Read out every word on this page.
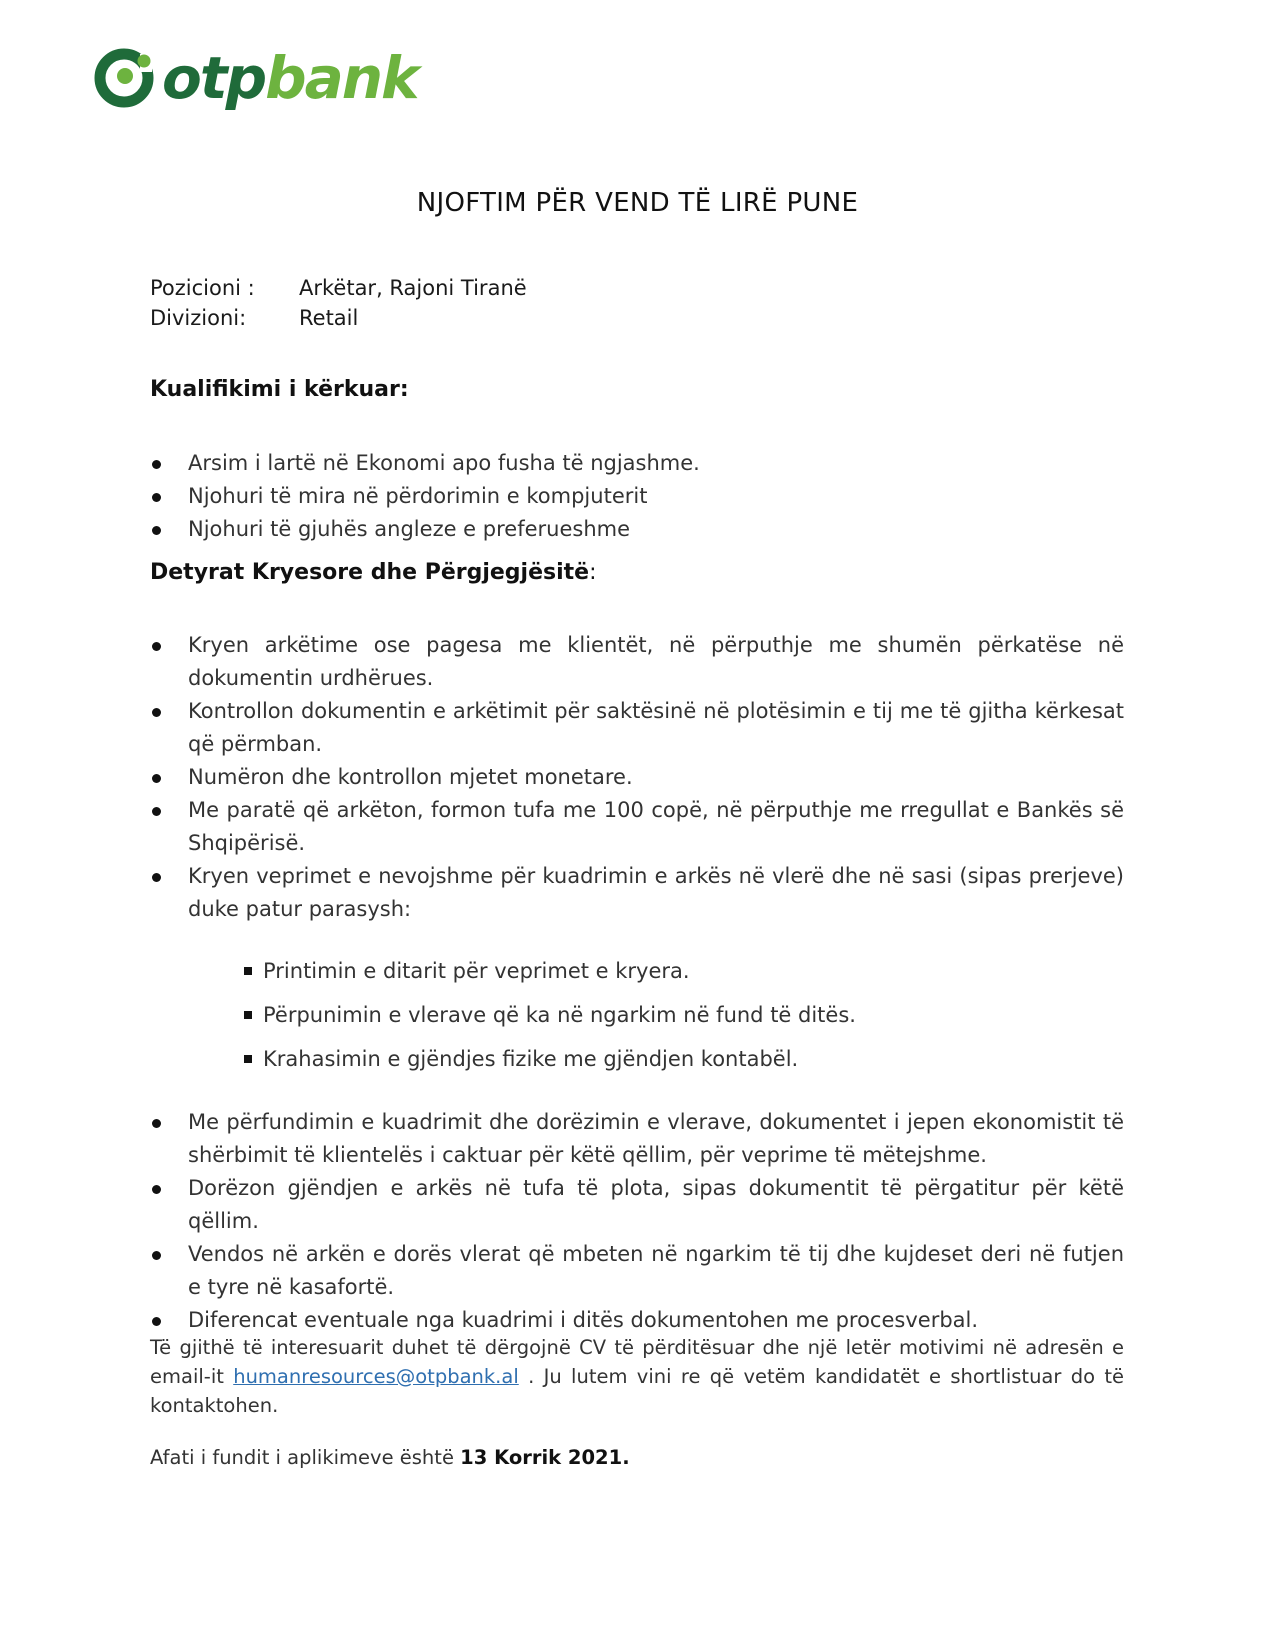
otpbank
NJOFTIM PËR VEND TË LIRË PUNE
Pozicioni :	Arkëtar, Rajoni Tiranë
Divizioni:	Retail
Kualifikimi i kërkuar:
Arsim i lartë në Ekonomi apo fusha të ngjashme.
Njohuri të mira në përdorimin e kompjuterit
Njohuri të gjuhës angleze e preferueshme
Detyrat Kryesore dhe Përgjegjësitë:
Kryen arkëtime ose pagesa me klientët, në përputhje me shumën përkatëse në dokumentin urdhërues.
Kontrollon dokumentin e arkëtimit për saktësinë në plotësimin e tij me të gjitha kërkesat që përmban.
Numëron dhe kontrollon mjetet monetare.
Me paratë që arkëton, formon tufa me 100 copë, në përputhje me rregullat e Bankës së Shqipërisë.
Kryen veprimet e nevojshme për kuadrimin e arkës në vlerë dhe në sasi (sipas prerjeve) duke patur parasysh:
Printimin e ditarit për veprimet e kryera.
Përpunimin e vlerave që ka në ngarkim në fund të ditës.
Krahasimin e gjëndjes fizike me gjëndjen kontabël.
Me përfundimin e kuadrimit dhe dorëzimin e vlerave, dokumentet i jepen ekonomistit të shërbimit të klientelës i caktuar për këtë qëllim, për veprime të mëtejshme.
Dorëzon gjëndjen e arkës në tufa të plota, sipas dokumentit të përgatitur për këtë qëllim.
Vendos në arkën e dorës vlerat që mbeten në ngarkim të tij dhe kujdeset deri në futjen e tyre në kasafortë.
Diferencat eventuale nga kuadrimi i ditës dokumentohen me procesverbal.
Të gjithë të interesuarit duhet të dërgojnë CV të përditësuar dhe një letër motivimi në adresën e email-it humanresources@otpbank.al . Ju lutem vini re që vetëm kandidatët e shortlistuar do të kontaktohen.
Afati i fundit i aplikimeve është 13 Korrik 2021.
